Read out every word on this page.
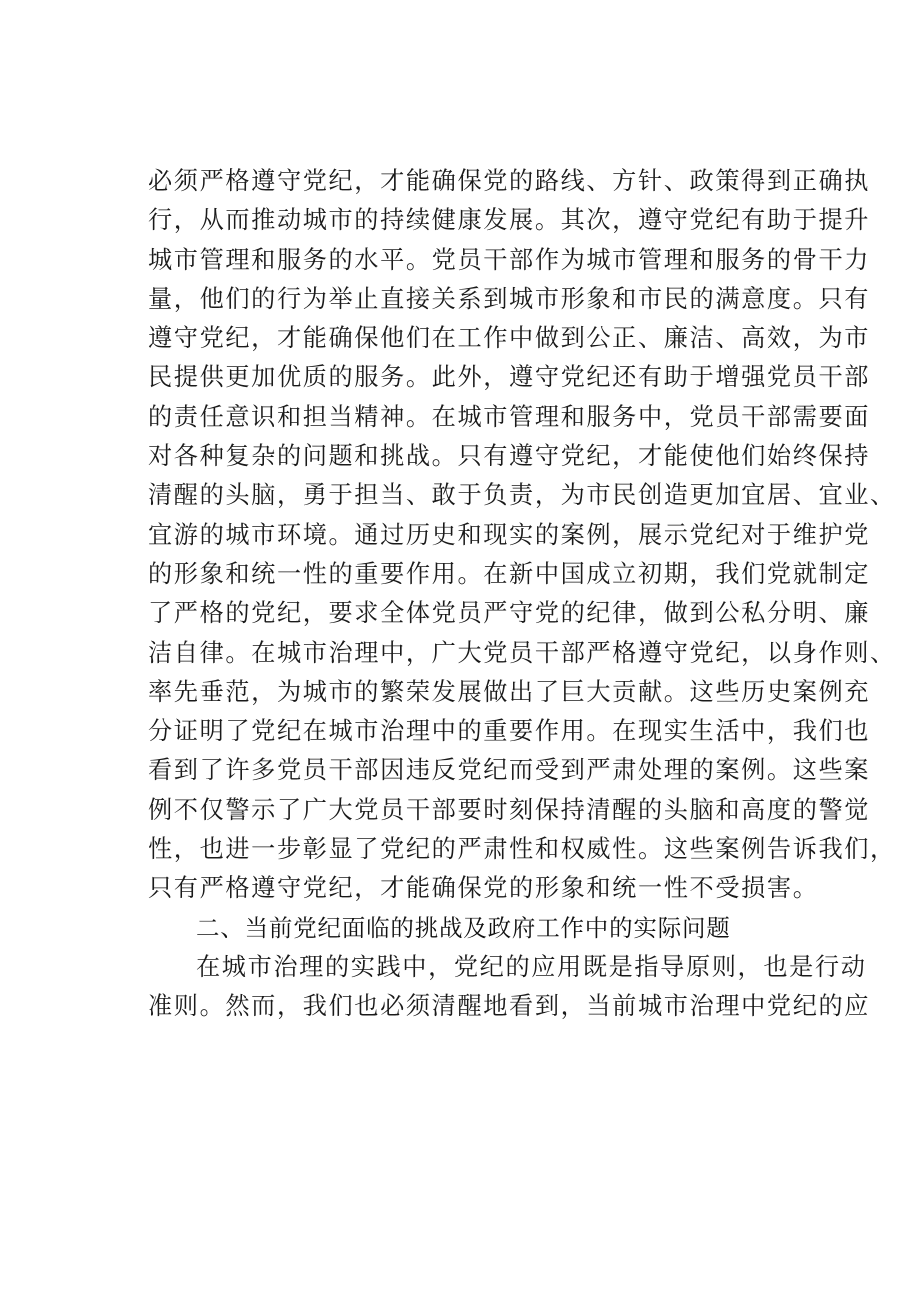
必须严格遵守党纪，才能确保党的路线、方针、政策得到正确执
行，从而推动城市的持续健康发展。其次，遵守党纪有助于提升
城市管理和服务的水平。党员干部作为城市管理和服务的骨干力
量，他们的行为举止直接关系到城市形象和市民的满意度。只有
遵守党纪，才能确保他们在工作中做到公正、廉洁、高效，为市
民提供更加优质的服务。此外，遵守党纪还有助于增强党员干部
的责任意识和担当精神。在城市管理和服务中，党员干部需要面
对各种复杂的问题和挑战。只有遵守党纪，才能使他们始终保持
清醒的头脑，勇于担当、敢于负责，为市民创造更加宜居、宜业、
宜游的城市环境。通过历史和现实的案例，展示党纪对于维护党
的形象和统一性的重要作用。在新中国成立初期，我们党就制定
了严格的党纪，要求全体党员严守党的纪律，做到公私分明、廉
洁自律。在城市治理中，广大党员干部严格遵守党纪，以身作则、
率先垂范，为城市的繁荣发展做出了巨大贡献。这些历史案例充
分证明了党纪在城市治理中的重要作用。在现实生活中，我们也
看到了许多党员干部因违反党纪而受到严肃处理的案例。这些案
例不仅警示了广大党员干部要时刻保持清醒的头脑和高度的警觉
性，也进一步彰显了党纪的严肃性和权威性。这些案例告诉我们，
只有严格遵守党纪，才能确保党的形象和统一性不受损害。
二、当前党纪面临的挑战及政府工作中的实际问题
在城市治理的实践中，党纪的应用既是指导原则，也是行动
准则。然而，我们也必须清醒地看到，当前城市治理中党纪的应
